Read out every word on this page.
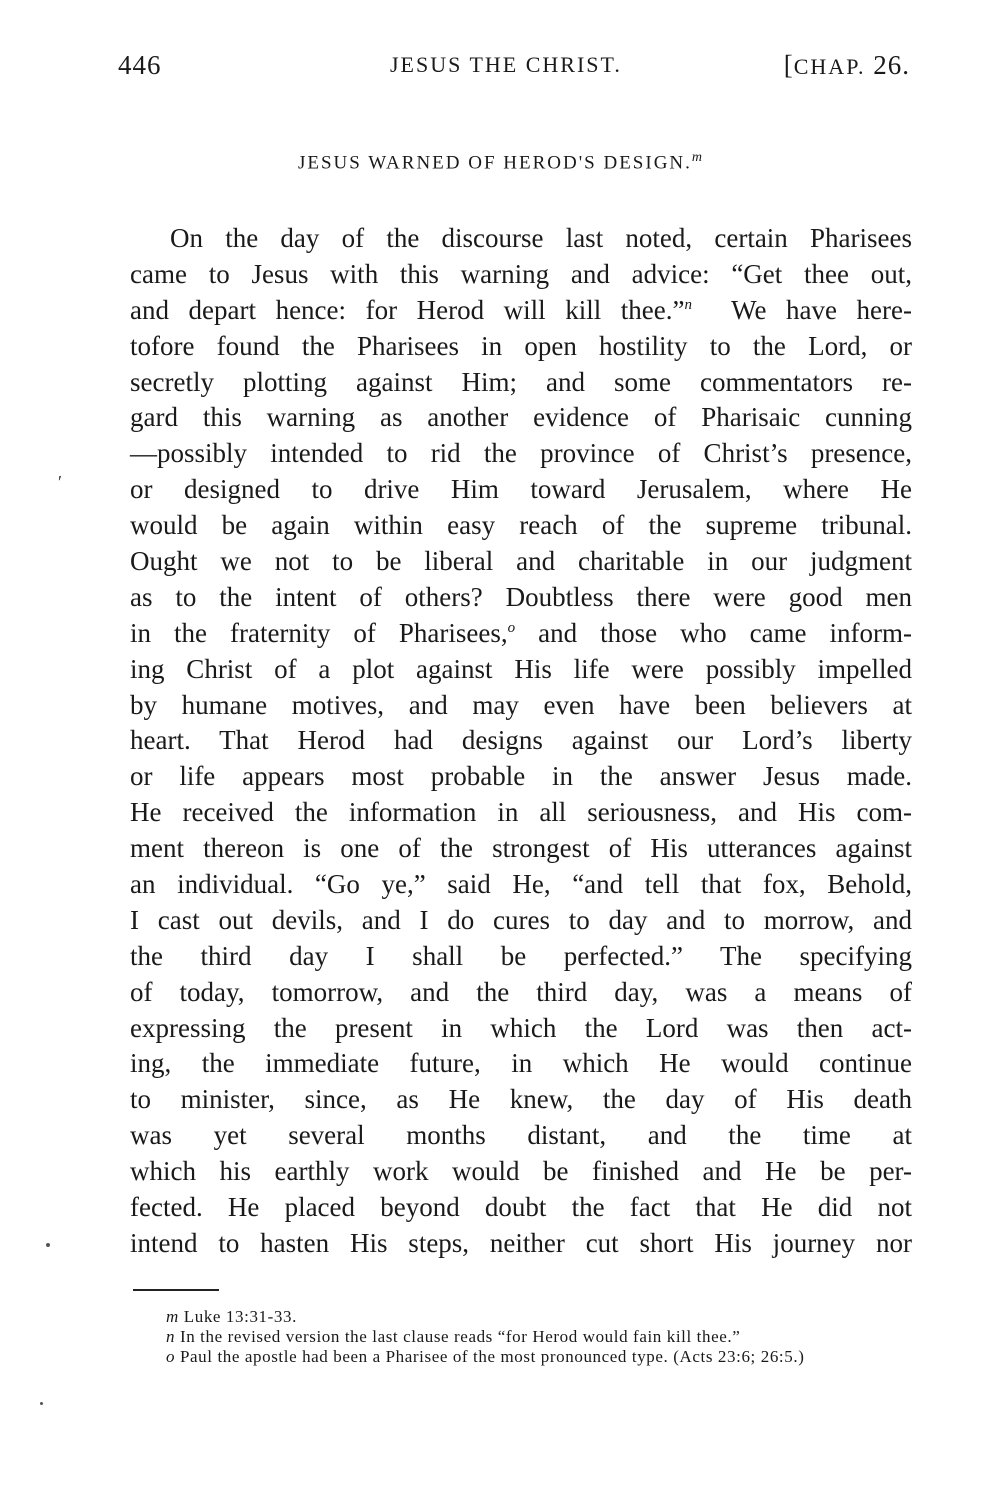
446	JESUS THE CHRIST.	[CHAP. 26.
JESUS WARNED OF HEROD'S DESIGN.$^m$
′
On the day of the discourse last noted, certain Pharisees
came to Jesus with this warning and advice: “Get thee out,
and depart hence: for Herod will kill thee.”$^n$ We have here-
tofore found the Pharisees in open hostility to the Lord, or
secretly plotting against Him; and some commentators re-
gard this warning as another evidence of Pharisaic cunning
—possibly intended to rid the province of Christ’s presence,
or designed to drive Him toward Jerusalem, where He
would be again within easy reach of the supreme tribunal.
Ought we not to be liberal and charitable in our judgment
as to the intent of others? Doubtless there were good men
in the fraternity of Pharisees,$^o$ and those who came inform-
ing Christ of a plot against His life were possibly impelled
by humane motives, and may even have been believers at
heart. That Herod had designs against our Lord’s liberty
or life appears most probable in the answer Jesus made.
He received the information in all seriousness, and His com-
ment thereon is one of the strongest of His utterances against
an individual. “Go ye,” said He, “and tell that fox, Behold,
I cast out devils, and I do cures to day and to morrow, and
the third day I shall be perfected.” The specifying
of today, tomorrow, and the third day, was a means of
expressing the present in which the Lord was then act-
ing, the immediate future, in which He would continue
to minister, since, as He knew, the day of His death
was yet several months distant, and the time at
which his earthly work would be finished and He be per-
fected. He placed beyond doubt the fact that He did not
intend to hasten His steps, neither cut short His journey nor
m Luke 13:31-33.
n In the revised version the last clause reads “for Herod would fain kill thee.”
o Paul the apostle had been a Pharisee of the most pronounced type. (Acts 23:6; 26:5.)
